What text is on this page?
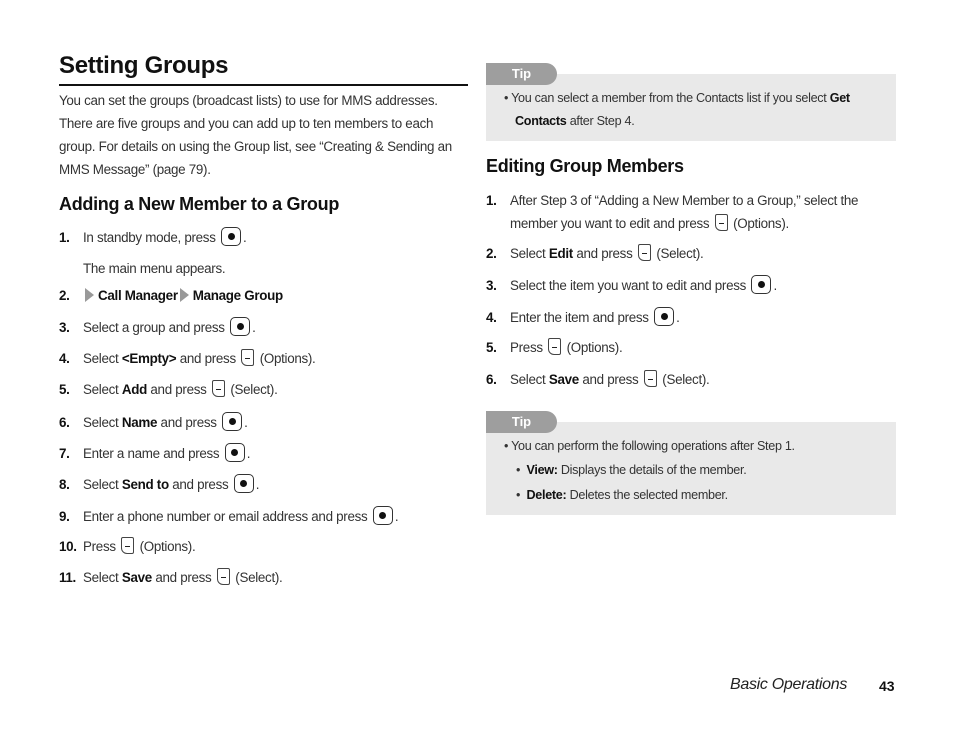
Setting Groups

You can set the groups (broadcast lists) to use for MMS addresses. There are five groups and you can add up to ten members to each group. For details on using the Group list, see “Creating & Sending an MMS Message” (page 79).

Adding a New Member to a Group
1. In standby mode, press .
The main menu appears.
2. Call Manager Manage Group
3. Select a group and press .
4. Select <Empty> and press (Options).
5. Select Add and press (Select).
6. Select Name and press .
7. Enter a name and press .
8. Select Send to and press .
9. Enter a phone number or email address and press .
10. Press (Options).
11. Select Save and press (Select).
Tip
• You can select a member from the Contacts list if you select Get
Contacts after Step 4.
Editing Group Members
1.	After Step 3 of “Adding a New Member to a Group,” select the member you want to edit and press (Options).
2. Select Edit and press (Select).
3. Select the item you want to edit and press .
4. Enter the item and press .
5. Press (Options).
6. Select Save and press (Select).
Tip
• You can perform the following operations after Step 1.
• View: Displays the details of the member.
• Delete: Deletes the selected member.
Basic Operations 43
